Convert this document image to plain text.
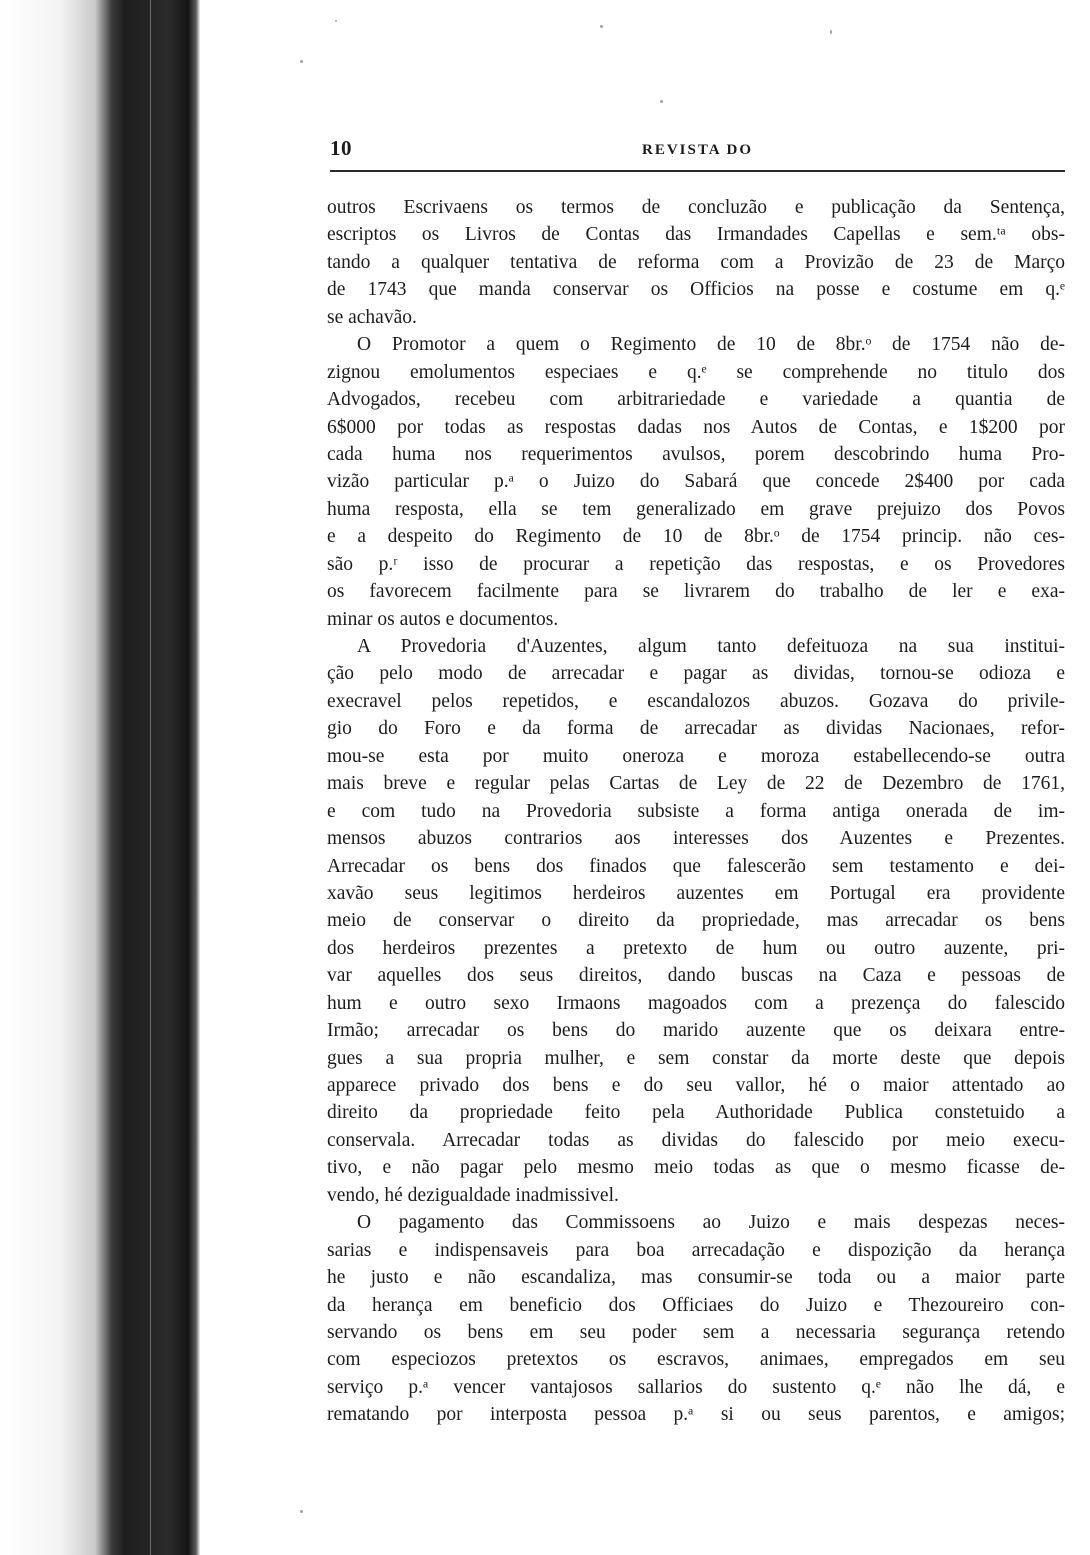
10	REVISTA DO
outros Escrivaens os termos de concluzão e publicação da Sentença,
escriptos os Livros de Contas das Irmandades Capellas e sem.ᵗᵃ obs-
tando a qualquer tentativa de reforma com a Provizão de 23 de Março
de 1743 que manda conservar os Officios na posse e costume em q.ᵉ
se achavão.
O Promotor a quem o Regimento de 10 de 8br.ᵒ de 1754 não de-
zignou emolumentos especiaes e q.ᵉ se comprehende no titulo dos
Advogados, recebeu com arbitrariedade e variedade a quantia de
6$000 por todas as respostas dadas nos Autos de Contas, e 1$200 por
cada huma nos requerimentos avulsos, porem descobrindo huma Pro-
vizão particular p.ᵃ o Juizo do Sabará que concede 2$400 por cada
huma resposta, ella se tem generalizado em grave prejuizo dos Povos
e a despeito do Regimento de 10 de 8br.ᵒ de 1754 princip. não ces-
são p.ʳ isso de procurar a repetição das respostas, e os Provedores
os favorecem facilmente para se livrarem do trabalho de ler e exa-
minar os autos e documentos.
A Provedoria d'Auzentes, algum tanto defeituoza na sua institui-
ção pelo modo de arrecadar e pagar as dividas, tornou-se odioza e
execravel pelos repetidos, e escandalozos abuzos. Gozava do privile-
gio do Foro e da forma de arrecadar as dividas Nacionaes, refor-
mou-se esta por muito oneroza e moroza estabellecendo-se outra
mais breve e regular pelas Cartas de Ley de 22 de Dezembro de 1761,
e com tudo na Provedoria subsiste a forma antiga onerada de im-
mensos abuzos contrarios aos interesses dos Auzentes e Prezentes.
Arrecadar os bens dos finados que falescerão sem testamento e dei-
xavão seus legitimos herdeiros auzentes em Portugal era providente
meio de conservar o direito da propriedade, mas arrecadar os bens
dos herdeiros prezentes a pretexto de hum ou outro auzente, pri-
var aquelles dos seus direitos, dando buscas na Caza e pessoas de
hum e outro sexo Irmaons magoados com a prezença do falescido
Irmão; arrecadar os bens do marido auzente que os deixara entre-
gues a sua propria mulher, e sem constar da morte deste que depois
apparece privado dos bens e do seu vallor, hé o maior attentado ao
direito da propriedade feito pela Authoridade Publica constetuido a
conservala. Arrecadar todas as dividas do falescido por meio execu-
tivo, e não pagar pelo mesmo meio todas as que o mesmo ficasse de-
vendo, hé dezigualdade inadmissivel.
O pagamento das Commissoens ao Juizo e mais despezas neces-
sarias e indispensaveis para boa arrecadação e dispozição da herança
he justo e não escandaliza, mas consumir-se toda ou a maior parte
da herança em beneficio dos Officiaes do Juizo e Thezoureiro con-
servando os bens em seu poder sem a necessaria segurança retendo
com especiozos pretextos os escravos, animaes, empregados em seu
serviço p.ᵃ vencer vantajosos sallarios do sustento q.ᵉ não lhe dá, e
rematando por interposta pessoa p.ᵃ si ou seus parentos, e amigos;
